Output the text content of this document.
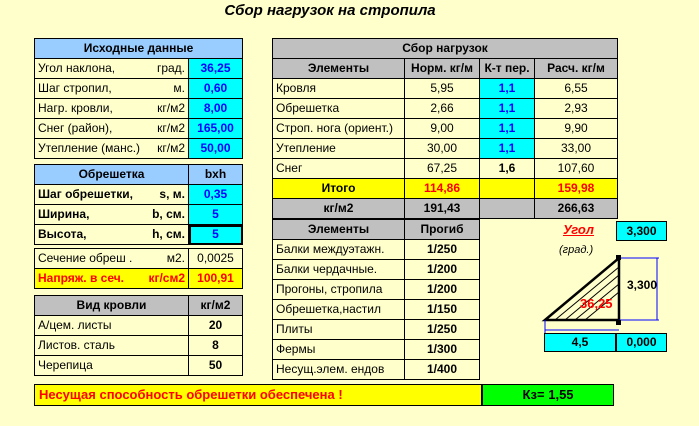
Сбор нагрузок на стропила
Исходные данные	

Угол наклона, град.	36,25

Шаг стропил, м.	0,60

Нагр. кровли, кг/м2	8,00

Снег (район), кг/м2	165,00

Утепление (манс.) кг/м2	50,00
Сбор нагрузок			
Элементы	Норм. кг/м	К-т пер.	Расч. кг/м
Кровля	5,95	1,1	6,55
Обрешетка	2,66	1,1	2,93
Строп. нога (ориент.)	9,00	1,1	9,90
Утепление	30,00	1,1	33,00
Снег	67,25	1,6	107,60
Итого	114,86		159,98
кг/м2	191,43		266,63
Обрешетка	bxh

Шаг обрешетки, s, м.	0,35

Ширина, b, см.	5

Высота, h, см.	5

Сечение обреш . м2.	0,0025

Напряж. в сеч. кг/см2	100,91
Элементы	Прогиб
Балки междуэтажн.	1/250
Балки чердачные.	1/200
Прогоны, стропила	1/200
Обрешетка,настил	1/150
Плиты	1/250
Фермы	1/300
Несущ.элем. ендов	1/400
Вид кровли	кг/м2
А/цем. листы	20
Листов. сталь	8
Черепица	50
Угол
(град.)
3,300
36,25
3,300
4,5	0,000
Несущая способность обрешетки обеспечена !	Кз= 1,55
